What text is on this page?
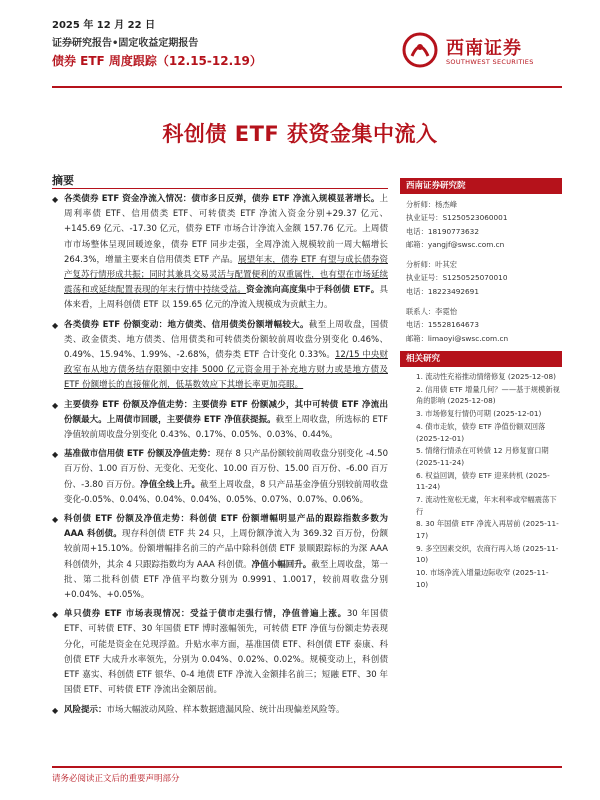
2025 年 12 月 22 日
证券研究报告•固定收益定期报告
债券 ETF 周度跟踪（12.15-12.19）
西南证券
SOUTHWEST SECURITIES
科创债 ETF 获资金集中流入
摘要
◆ 各类债券 ETF 资金净流入情况：债市多日反弹，债券 ETF 净流入规模显著增长。上周利率债 ETF、信用债类 ETF、可转债类 ETF 净流入资金分别+29.37 亿元、+145.69 亿元、-17.30 亿元，债券 ETF 市场合计净流入金额 157.76 亿元。上周债市市场整体呈现回暖迹象，债券 ETF 同步走强，全周净流入规模较前一周大幅增长 264.3%，增量主要来自信用债类 ETF 产品。展望年末，债券 ETF 有望与成长债券资产复苏行情形成共振；同时其兼具交易灵活与配置便利的双重属性，也有望在市场延续震荡和或延续配置表现的年末行情中持续受益。资金流向高度集中于科创债 ETF。具体来看，上周科创债 ETF 以 159.65 亿元的净流入规模成为贡献主力。
◆ 各类债券 ETF 份额变动：地方债类、信用债类份额增幅较大。截至上周收盘，国债类、政金债类、地方债类、信用债类和可转债类份额较前周收盘分别变化 0.46%、0.49%、15.94%、1.99%、-2.68%，债券类 ETF 合计变化 0.33%。12/15 中央财政室布从地方债务结存限额中安排 5000 亿元资金用于补充地方财力或是地方债及 ETF 份额增长的直接催化剂，低基数效应下其增长率更加亮眼。
◆ 主要债券 ETF 份额及净值走势：主要债券 ETF 份额减少，其中可转债 ETF 净流出份额最大。上周债市回暖，主要债券 ETF 净值获提振。截至上周收盘，所选标的 ETF 净值较前周收盘分别变化 0.43%、0.17%、0.05%、0.03%、0.44%。
◆ 基准做市信用债 ETF 份额及净值走势：现存 8 只产品份额较前周收盘分别变化 -4.50 百万份、1.00 百万份、无变化、无变化、10.00 百万份、15.00 百万份、-6.00 百万份、-3.80 百万份。净值全线上升。截至上周收盘，8 只产品基金净值分别较前周收盘变化-0.05%、0.04%、0.04%、0.04%、0.05%、0.07%、0.07%、0.06%。
◆ 科创债 ETF 份额及净值走势：科创债 ETF 份额增幅明显产品的跟踪指数多数为 AAA 科创债。现存科创债 ETF 共 24 只，上周份额净流入为 369.32 百万份，份额较前周+15.10%。份额增幅排名前三的产品中除科创债 ETF 景顺跟踪标的为深 AAA 科创债外，其余 4 只跟踪指数均为 AAA 科创债。净值小幅回升。截至上周收盘，第一批、第二批科创债 ETF 净值平均数分别为 0.9991、1.0017，较前周收盘分别+0.04%、+0.05%。
◆ 单只债券 ETF 市场表现情况：受益于债市走强行情，净值普遍上涨。30 年国债 ETF、可转债 ETF、30 年国债 ETF 博时涨幅领先，可转债 ETF 净值与份额走势表现分化，可能是资金在兑现浮盈。升贴水率方面，基准国债 ETF、科创债 ETF 泰康、科创债 ETF 大成升水率领先，分别为 0.04%、0.02%、0.02%。规模变动上，科创债 ETF 嘉实、科创债 ETF 银华、0-4 地债 ETF 净流入金额排名前三；短融 ETF、30 年国债 ETF、可转债 ETF 净流出金额居前。
◆ 风险提示：市场大幅波动风险、样本数据遗漏风险、统计出现偏差风险等。
西南证券研究院
分析师：杨杰峰
执业证号：S1250523060001
电话：18190773632
邮箱：yangjf@swsc.com.cn
分析师：叶其宏
执业证号：S1250525070010
电话：18223492691
联系人：李霓怡
电话：15528164673
邮箱：limaoyi@swsc.com.cn
相关研究
1. 流动性充裕推动情绪修复 (2025-12-08)
2. 信用债 ETF 增量几何？——基于规模新视角的影响 (2025-12-08)
3. 市场修复行情仍可期 (2025-12-01)
4. 债市走软，债券 ETF 净值份额双回落 (2025-12-01)
5. 情绪行情杀在可转债 12 月修复窗口期 (2025-11-24)
6. 权益回调，债券 ETF 迎来转机 (2025-11-24)
7. 流动性宽松无虞，年末利率或窄幅震荡下行
8. 30 年国债 ETF 净流入再居前 (2025-11-17)
9. 多空因素交织，农商行再入场 (2025-11-10)
10. 市场净流入增量边际收窄 (2025-11-10)
请务必阅读正文后的重要声明部分
